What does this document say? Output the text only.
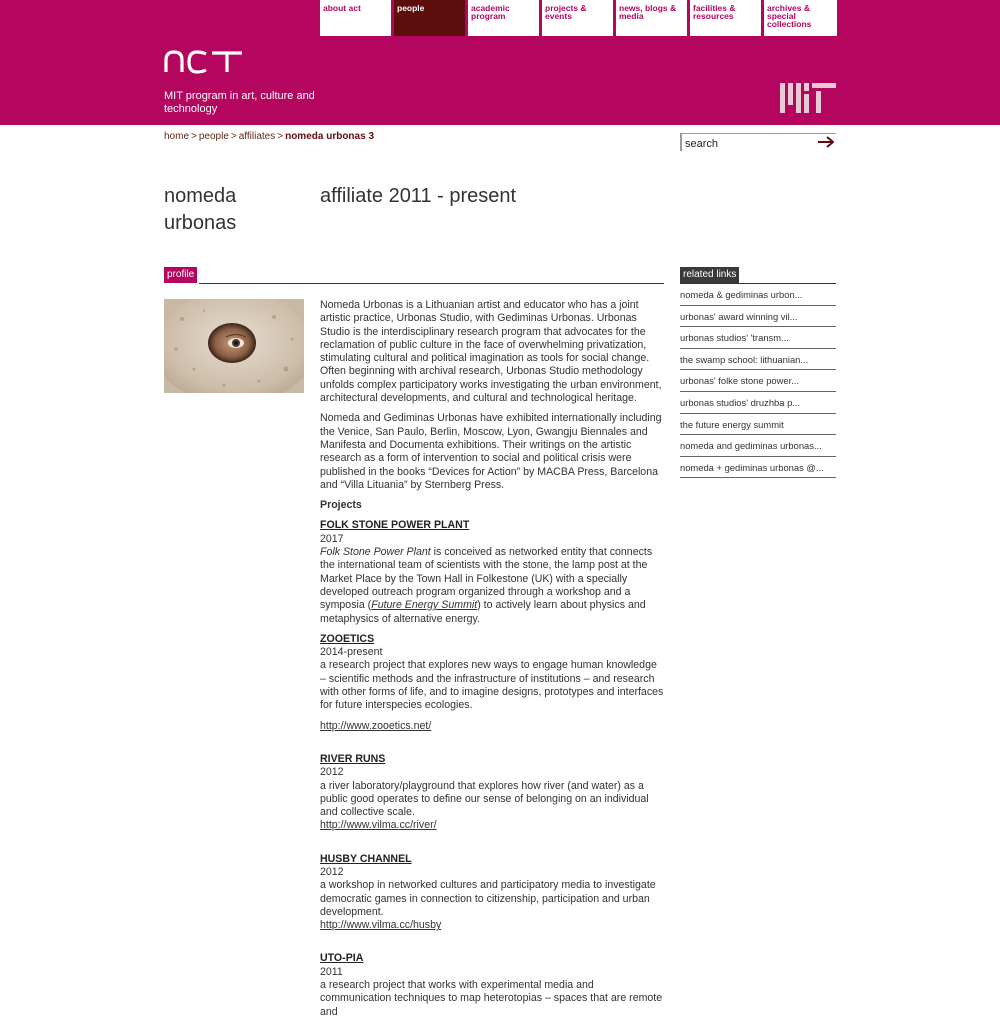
about act	people	academic program
projects & events
news, blogs & media
facilities & resources
archives & special collections
MIT program in art, culture and technology
home > people > affiliates > nomeda urbonas 3
search
nomeda urbonas
affiliate 2011 - present
profile	related links

Nomeda Urbonas is a Lithuanian artist and educator who has a joint artistic practice, Urbonas Studio, with Gediminas Urbonas. Urbonas Studio is the interdisciplinary research program that advocates for the reclamation of public culture in the face of overwhelming privatization, stimulating cultural and political imagination as tools for social change. Often beginning with archival research, Urbonas Studio methodology unfolds complex participatory works investigating the urban environment, architectural developments, and cultural and technological heritage.

Nomeda and Gediminas Urbonas have exhibited internationally including the Venice, San Paulo, Berlin, Moscow, Lyon, Gwangju Biennales and Manifesta and Documenta exhibitions. Their writings on the artistic research as a form of intervention to social and political crisis were published in the books “Devices for Action” by MACBA Press, Barcelona and “Villa Lituania” by Sternberg Press.

Projects
FOLK STONE POWER PLANT
2017
Folk Stone Power Plant is conceived as networked entity that connects the international team of scientists with the stone, the lamp post at the Market Place by the Town Hall in Folkestone (UK) with a specially developed outreach program organized through a workshop and a symposia (Future Energy Summit) to actively learn about physics and metaphysics of alternative energy.
ZOOETICS
2014-present
a research project that explores new ways to engage human knowledge – scientific methods and the infrastructure of institutions – and research with other forms of life, and to imagine designs, prototypes and interfaces for future interspecies ecologies.
http://www.zooetics.net/
RIVER RUNS
2012
a river laboratory/playground that explores how river (and water) as a public good operates to define our sense of belonging on an individual and collective scale.
http://www.vilma.cc/river/
HUSBY CHANNEL
2012
a workshop in networked cultures and participatory media to investigate democratic games in connection to citizenship, participation and urban development.
http://www.vilma.cc/husby
UTO-PIA
2011
a research project that works with experimental media and communication techniques to map heterotopias – spaces that are remote and
nomeda & gediminas urbon...
urbonas' award winning vil...
urbonas studios' 'transm...
the swamp school: lithuanian...
urbonas' folke stone power...
urbonas studios' druzhba p...
the future energy summit
nomeda and gediminas urbonas...
nomeda + gediminas urbonas @...
